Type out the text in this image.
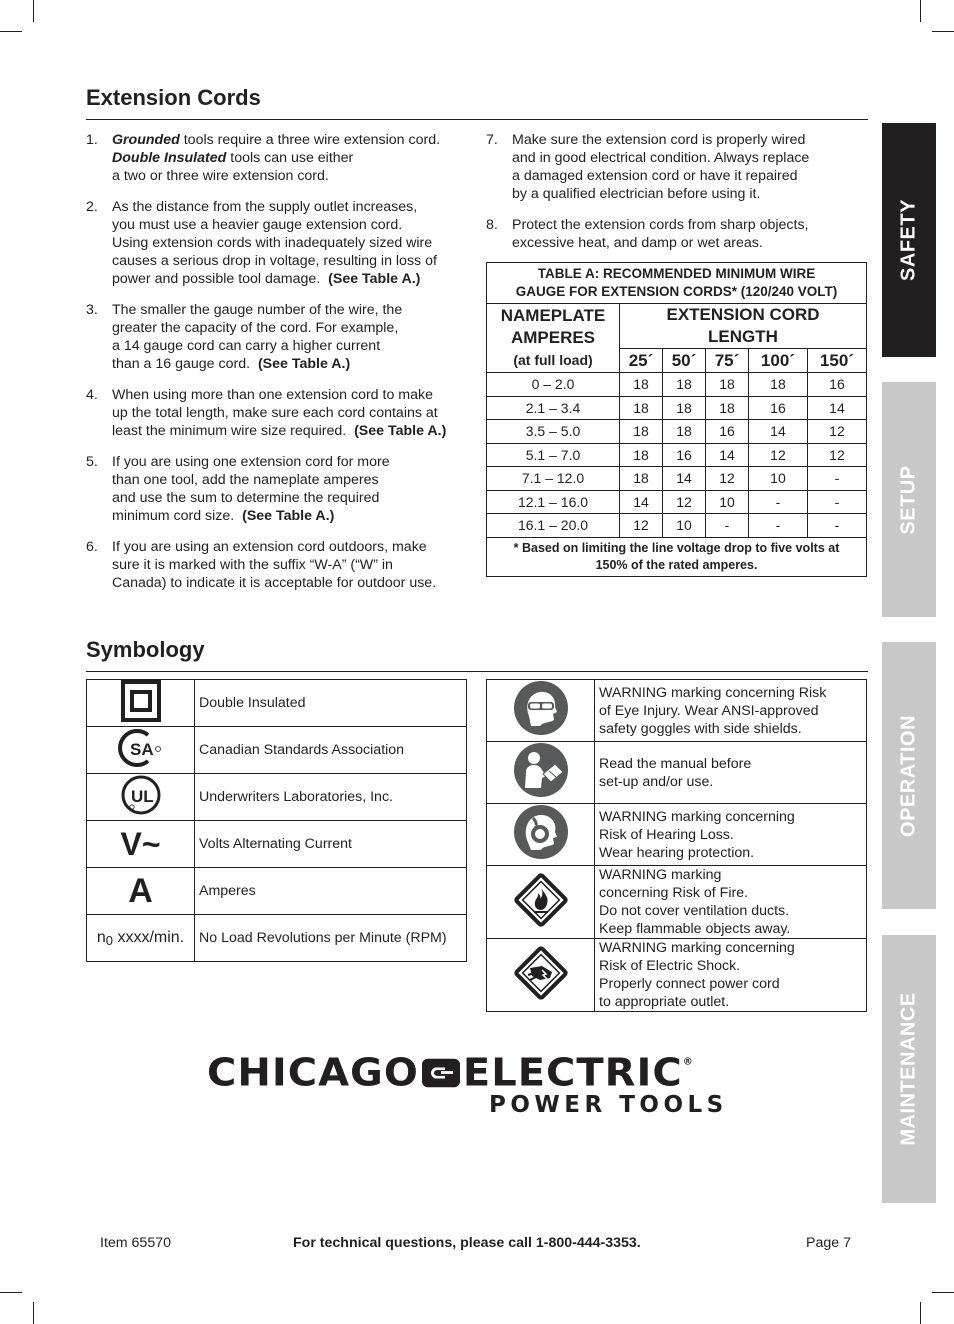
Extension Cords
1. Grounded tools require a three wire extension cord.
Double Insulated tools can use either
a two or three wire extension cord.
2. As the distance from the supply outlet increases,
you must use a heavier gauge extension cord.
Using extension cords with inadequately sized wire
causes a serious drop in voltage, resulting in loss of
power and possible tool damage. (See Table A.)
3. The smaller the gauge number of the wire, the
greater the capacity of the cord. For example,
a 14 gauge cord can carry a higher current
than a 16 gauge cord. (See Table A.)
4. When using more than one extension cord to make
up the total length, make sure each cord contains at
least the minimum wire size required. (See Table A.)
5. If you are using one extension cord for more
than one tool, add the nameplate amperes
and use the sum to determine the required
minimum cord size. (See Table A.)
6. If you are using an extension cord outdoors, make
sure it is marked with the suffix “W-A” (“W” in
Canada) to indicate it is acceptable for outdoor use.
7. Make sure the extension cord is properly wired
and in good electrical condition. Always replace
a damaged extension cord or have it repaired
by a qualified electrician before using it.
8. Protect the extension cords from sharp objects,
excessive heat, and damp or wet areas.
TABLE A: RECOMMENDED MINIMUM WIRE
GAUGE FOR EXTENSION CORDS* (120/240 VOLT)					
NAMEPLATE
AMPERES
(at full load)	EXTENSION CORD
LENGTH				
	25´	50´	75´	100´	150´
0 – 2.0	18	18	18	18	16
2.1 – 3.4	18	18	18	16	14
3.5 – 5.0	18	18	16	14	12
5.1 – 7.0	18	16	14	12	12
7.1 – 12.0	18	14	12	10	-
12.1 – 16.0	14	12	10	-	-
16.1 – 20.0	12	10	-	-	-
* Based on limiting the line voltage drop to five volts at
150% of the rated amperes.					
Symbology
	Double Insulated

SA	Canadian Standards Association

UL	Underwriters Laboratories, Inc.
V~	Volts Alternating Current
A	Amperes
n0 xxxx/min.	No Load Revolutions per Minute (RPM)
	WARNING marking concerning Risk
of Eye Injury. Wear ANSI-approved
safety goggles with side shields.
	Read the manual before
set-up and/or use.
	WARNING marking concerning
Risk of Hearing Loss.
Wear hearing protection.
	WARNING marking
concerning Risk of Fire.
Do not cover ventilation ducts.
Keep flammable objects away.
	WARNING marking concerning
Risk of Electric Shock.
Properly connect power cord
to appropriate outlet.
CHICAGO ELECTRIC®
POWER TOOLS
SAFETY
SETUP
OPERATION
MAINTENANCE
Item 65570	For technical questions, please call 1-800-444-3353.	Page 7
